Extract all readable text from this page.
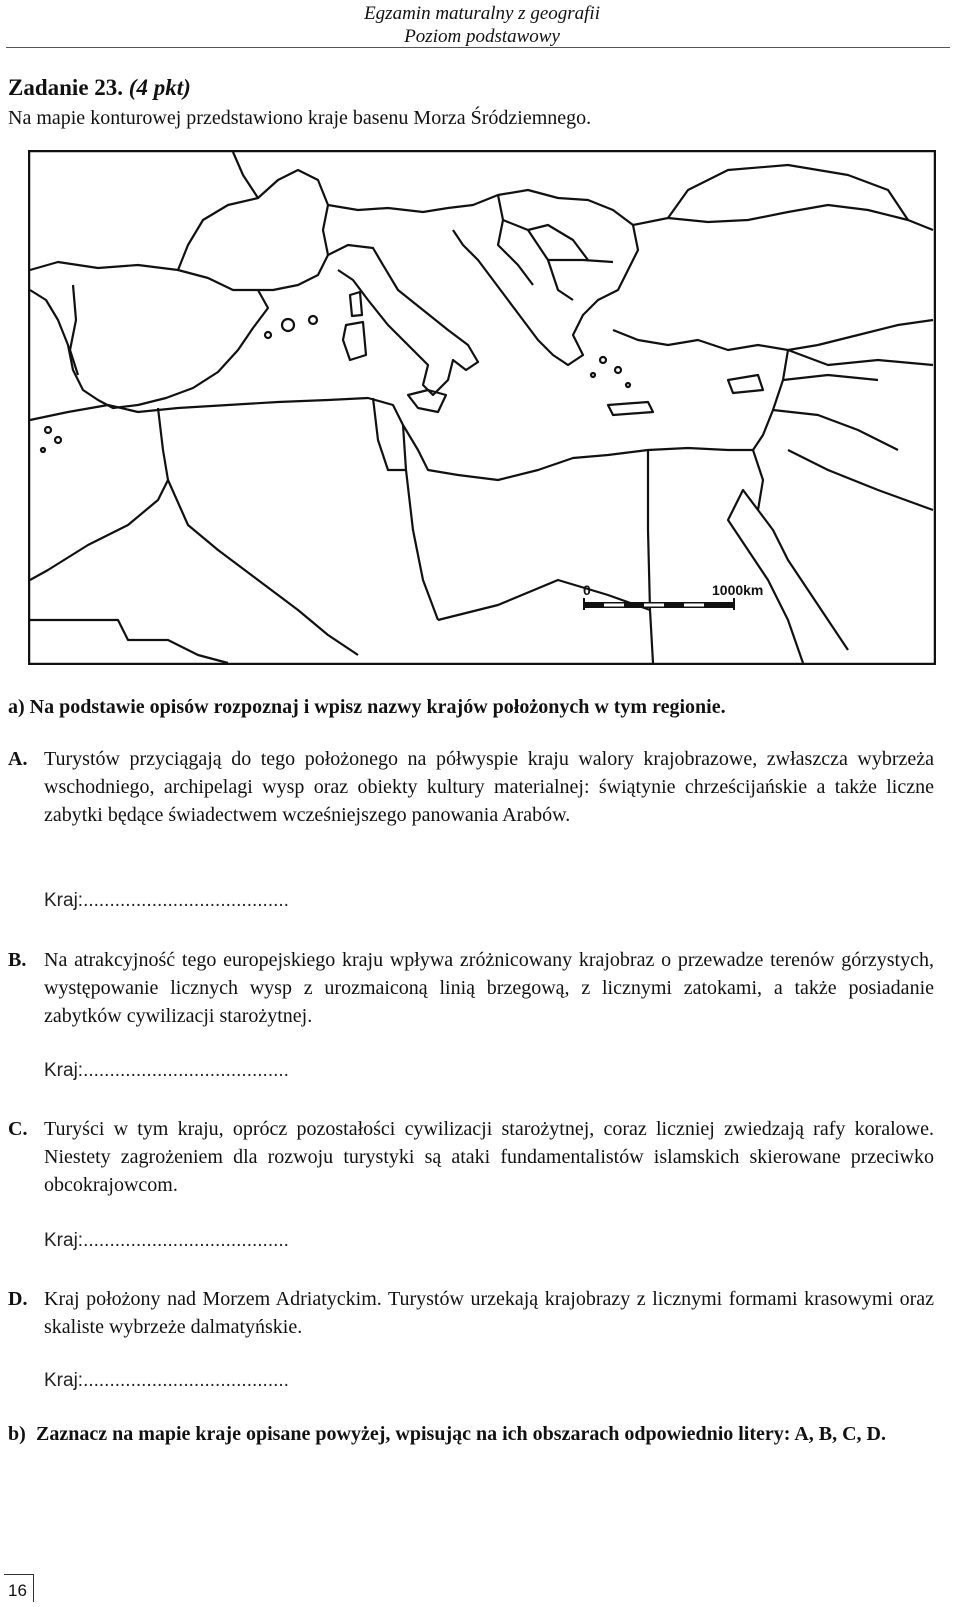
Egzamin maturalny z geografii
Poziom podstawowy
Zadanie 23. (4 pkt)
Na mapie konturowej przedstawiono kraje basenu Morza Śródziemnego.
0	1000km
a) Na podstawie opisów rozpoznaj i wpisz nazwy krajów położonych w tym regionie.
A. Turystów przyciągają do tego położonego na półwyspie kraju walory krajobrazowe, zwłaszcza wybrzeża wschodniego, archipelagi wysp oraz obiekty kultury materialnej: świątynie chrześcijańskie a także liczne zabytki będące świadectwem wcześniejszego panowania Arabów.
Kraj:.......................................
B. Na atrakcyjność tego europejskiego kraju wpływa zróżnicowany krajobraz o przewadze terenów górzystych, występowanie licznych wysp z urozmaiconą linią brzegową, z licznymi zatokami, a także posiadanie zabytków cywilizacji starożytnej.
Kraj:.......................................
C. Turyści w tym kraju, oprócz pozostałości cywilizacji starożytnej, coraz liczniej zwiedzają rafy koralowe. Niestety zagrożeniem dla rozwoju turystyki są ataki fundamentalistów islamskich skierowane przeciwko obcokrajowcom.
Kraj:.......................................
D. Kraj położony nad Morzem Adriatyckim. Turystów urzekają krajobrazy z licznymi formami krasowymi oraz skaliste wybrzeże dalmatyńskie.
Kraj:.......................................
b) Zaznacz na mapie kraje opisane powyżej, wpisując na ich obszarach odpowiednio litery: A, B, C, D.
16
